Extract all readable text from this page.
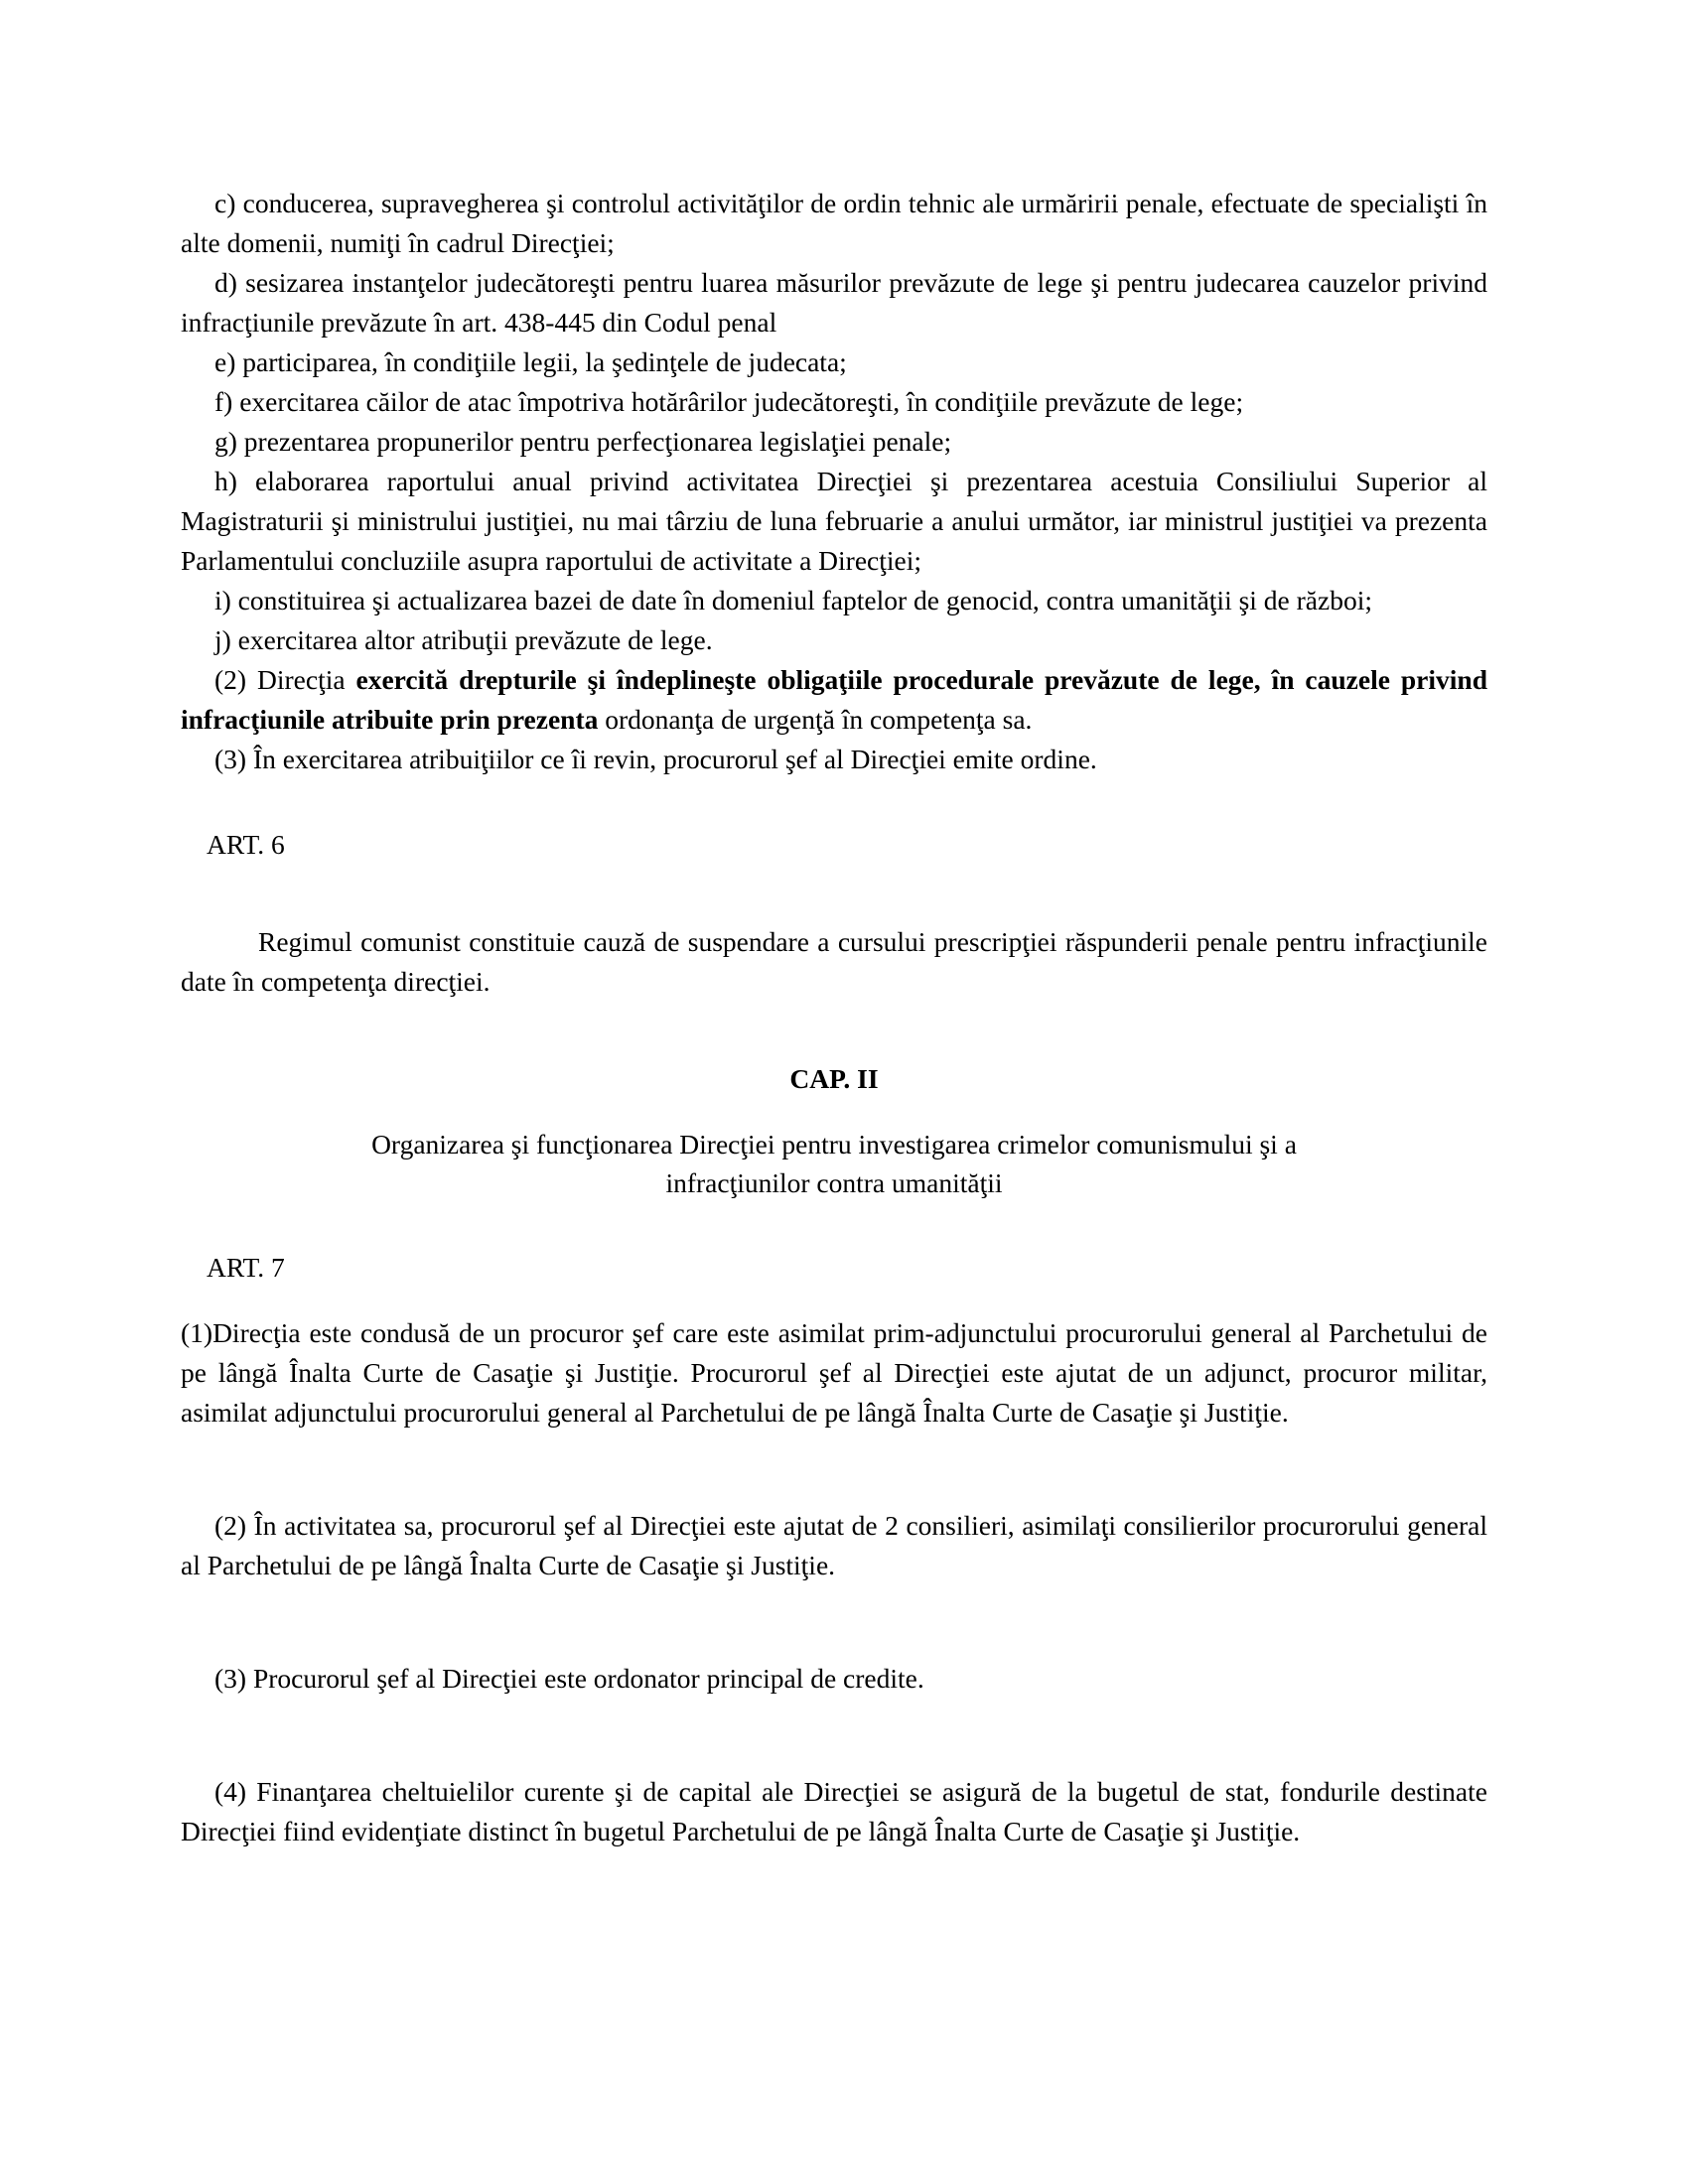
c) conducerea, supravegherea şi controlul activităţilor de ordin tehnic ale urmăririi penale, efectuate de specialişti în alte domenii, numiţi în cadrul Direcţiei;

d) sesizarea instanţelor judecătoreşti pentru luarea măsurilor prevăzute de lege şi pentru judecarea cauzelor privind infracţiunile prevăzute în art. 438-445 din Codul penal

e) participarea, în condiţiile legii, la şedinţele de judecata;

f) exercitarea căilor de atac împotriva hotărârilor judecătoreşti, în condiţiile prevăzute de lege;

g) prezentarea propunerilor pentru perfecţionarea legislaţiei penale;

h) elaborarea raportului anual privind activitatea Direcţiei şi prezentarea acestuia Consiliului Superior al Magistraturii şi ministrului justiţiei, nu mai târziu de luna februarie a anului următor, iar ministrul justiţiei va prezenta Parlamentului concluziile asupra raportului de activitate a Direcţiei;

i) constituirea şi actualizarea bazei de date în domeniul faptelor de genocid, contra umanităţii şi de război;

j) exercitarea altor atribuţii prevăzute de lege.

(2) Direcţia exercită drepturile şi îndeplineşte obligaţiile procedurale prevăzute de lege, în cauzele privind infracţiunile atribuite prin prezenta ordonanţa de urgenţă în competenţa sa.

(3) În exercitarea atribuiţiilor ce îi revin, procurorul şef al Direcţiei emite ordine.

ART. 6

Regimul comunist constituie cauză de suspendare a cursului prescripţiei răspunderii penale pentru infracţiunile date în competenţa direcţiei.

CAP. II

Organizarea şi funcţionarea Direcţiei pentru investigarea crimelor comunismului şi a infracţiunilor contra umanităţii

ART. 7

(1)Direcţia este condusă de un procuror şef care este asimilat prim-adjunctului procurorului general al Parchetului de pe lângă Înalta Curte de Casaţie şi Justiţie. Procurorul şef al Direcţiei este ajutat de un adjunct, procuror militar, asimilat adjunctului procurorului general al Parchetului de pe lângă Înalta Curte de Casaţie şi Justiţie.

(2) În activitatea sa, procurorul şef al Direcţiei este ajutat de 2 consilieri, asimilaţi consilierilor procurorului general al Parchetului de pe lângă Înalta Curte de Casaţie şi Justiţie.

(3) Procurorul şef al Direcţiei este ordonator principal de credite.

(4) Finanţarea cheltuielilor curente şi de capital ale Direcţiei se asigură de la bugetul de stat, fondurile destinate Direcţiei fiind evidenţiate distinct în bugetul Parchetului de pe lângă Înalta Curte de Casaţie şi Justiţie.
